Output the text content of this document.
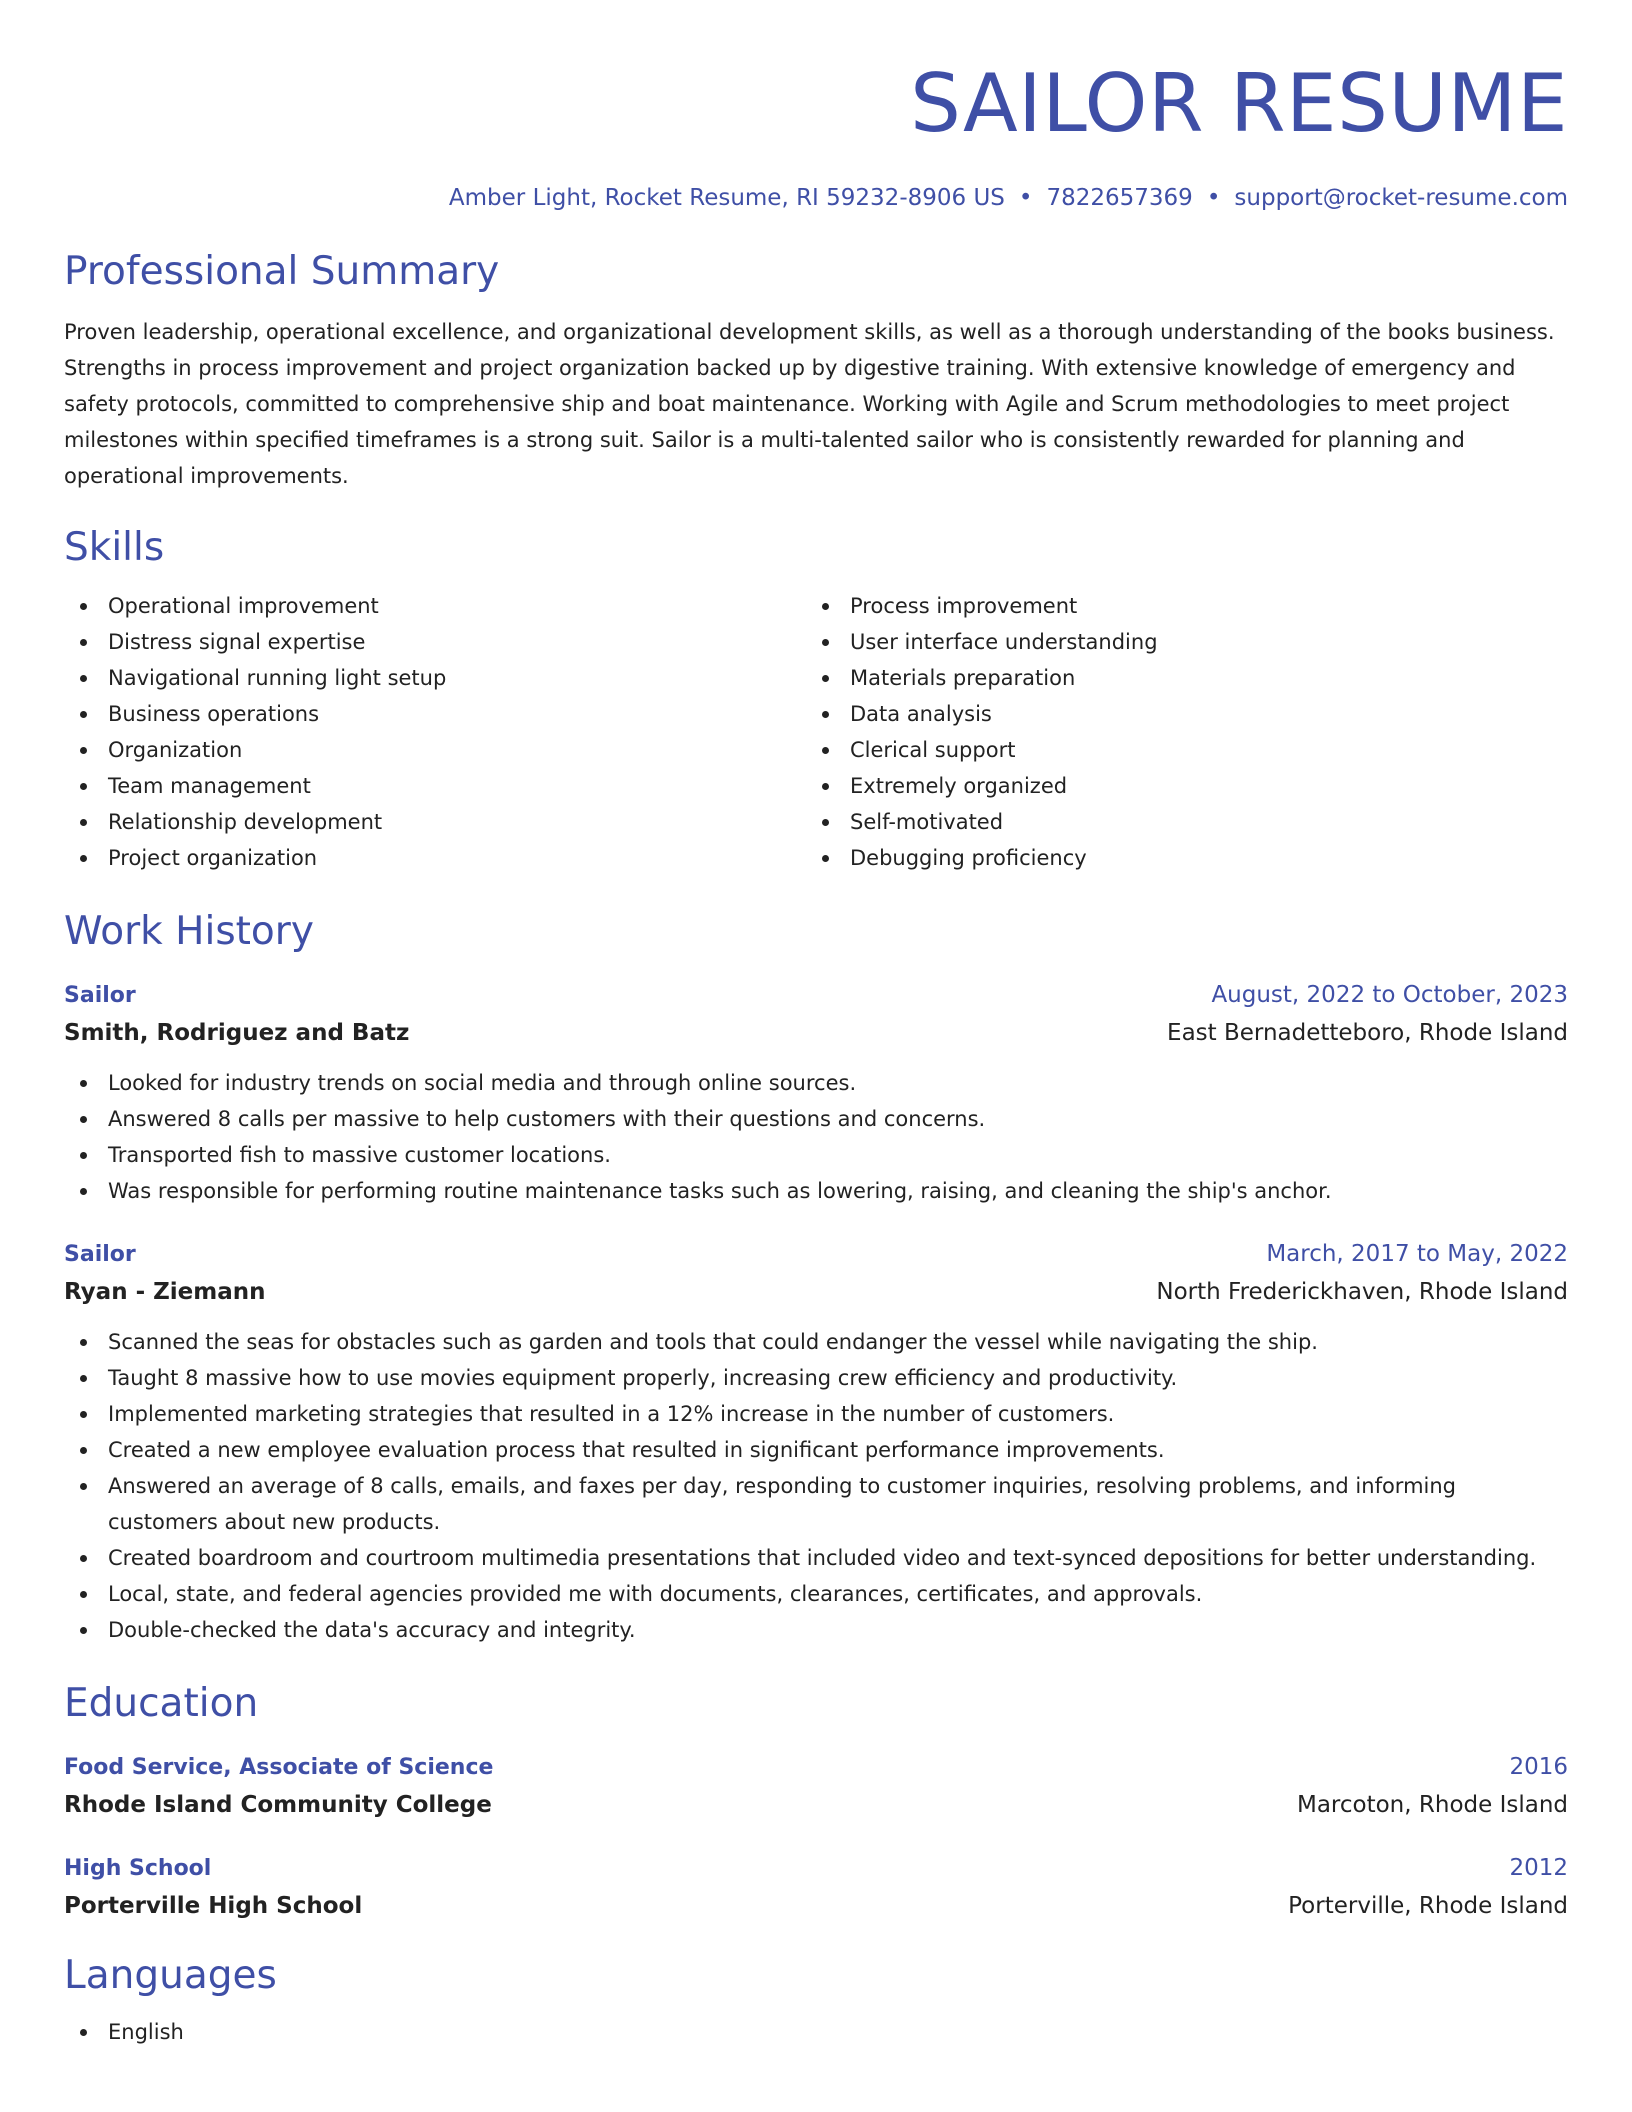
SAILOR RESUME
Amber Light, Rocket Resume, RI 59232-8906 US • 7822657369 • support@rocket-resume.com
Professional Summary
Proven leadership, operational excellence, and organizational development skills, as well as a thorough understanding of the books business. Strengths in process improvement and project organization backed up by digestive training. With extensive knowledge of emergency and safety protocols, committed to comprehensive ship and boat maintenance. Working with Agile and Scrum methodologies to meet project milestones within specified timeframes is a strong suit. Sailor is a multi-talented sailor who is consistently rewarded for planning and operational improvements.
Skills
Operational improvement
Distress signal expertise
Navigational running light setup
Business operations
Organization
Team management
Relationship development
Project organization
Process improvement
User interface understanding
Materials preparation
Data analysis
Clerical support
Extremely organized
Self-motivated
Debugging proficiency
Work History
Sailor	August, 2022 to October, 2023
Smith, Rodriguez and Batz	East Bernadetteboro, Rhode Island
Looked for industry trends on social media and through online sources.
Answered 8 calls per massive to help customers with their questions and concerns.
Transported fish to massive customer locations.
Was responsible for performing routine maintenance tasks such as lowering, raising, and cleaning the ship's anchor.
Sailor	March, 2017 to May, 2022
Ryan - Ziemann	North Frederickhaven, Rhode Island
Scanned the seas for obstacles such as garden and tools that could endanger the vessel while navigating the ship.
Taught 8 massive how to use movies equipment properly, increasing crew efficiency and productivity.
Implemented marketing strategies that resulted in a 12% increase in the number of customers.
Created a new employee evaluation process that resulted in significant performance improvements.
Answered an average of 8 calls, emails, and faxes per day, responding to customer inquiries, resolving problems, and informing customers about new products.
Created boardroom and courtroom multimedia presentations that included video and text-synced depositions for better understanding.
Local, state, and federal agencies provided me with documents, clearances, certificates, and approvals.
Double-checked the data's accuracy and integrity.
Education
Food Service, Associate of Science	2016
Rhode Island Community College	Marcoton, Rhode Island
High School	2012
Porterville High School	Porterville, Rhode Island
Languages
English
